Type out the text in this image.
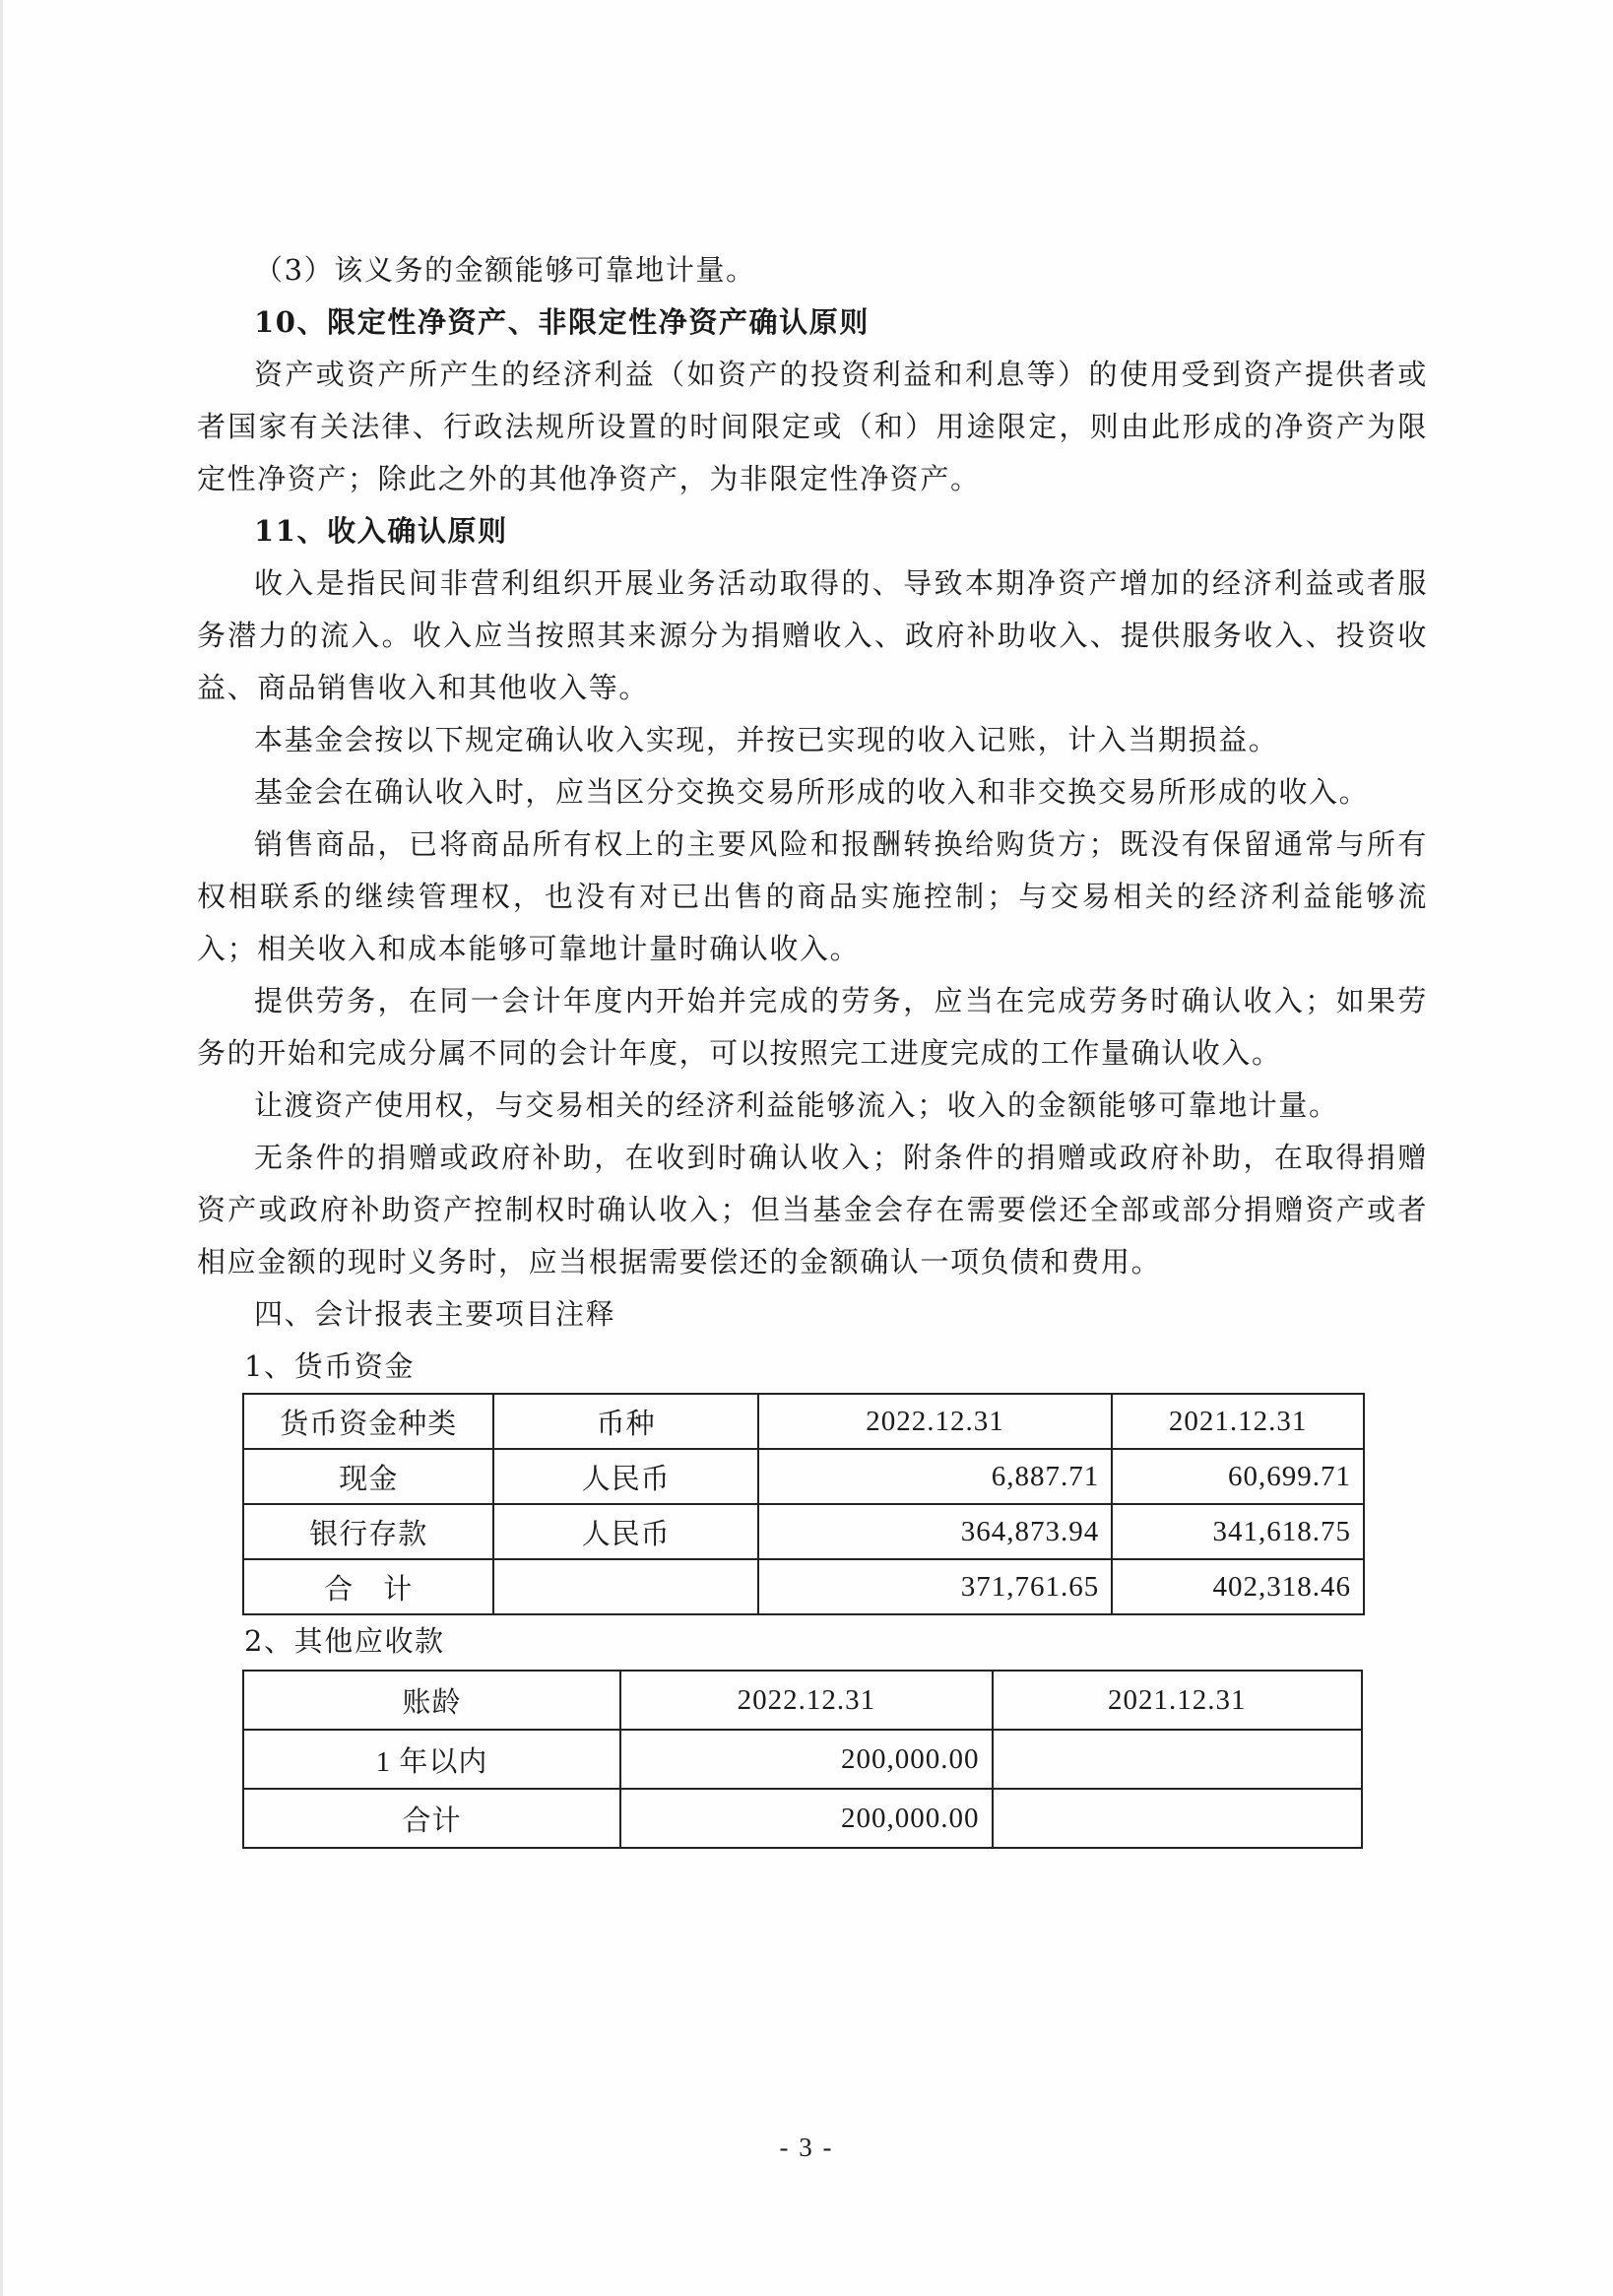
（3）该义务的金额能够可靠地计量。

10、限定性净资产、非限定性净资产确认原则

资产或资产所产生的经济利益（如资产的投资利益和利息等）的使用受到资产提供者或者国家有关法律、行政法规所设置的时间限定或（和）用途限定，则由此形成的净资产为限定性净资产；除此之外的其他净资产，为非限定性净资产。

11、收入确认原则

收入是指民间非营利组织开展业务活动取得的、导致本期净资产增加的经济利益或者服务潜力的流入。收入应当按照其来源分为捐赠收入、政府补助收入、提供服务收入、投资收益、商品销售收入和其他收入等。

本基金会按以下规定确认收入实现，并按已实现的收入记账，计入当期损益。

基金会在确认收入时，应当区分交换交易所形成的收入和非交换交易所形成的收入。

销售商品，已将商品所有权上的主要风险和报酬转换给购货方；既没有保留通常与所有权相联系的继续管理权，也没有对已出售的商品实施控制；与交易相关的经济利益能够流入；相关收入和成本能够可靠地计量时确认收入。

提供劳务，在同一会计年度内开始并完成的劳务，应当在完成劳务时确认收入；如果劳务的开始和完成分属不同的会计年度，可以按照完工进度完成的工作量确认收入。

让渡资产使用权，与交易相关的经济利益能够流入；收入的金额能够可靠地计量。

无条件的捐赠或政府补助，在收到时确认收入；附条件的捐赠或政府补助，在取得捐赠资产或政府补助资产控制权时确认收入；但当基金会存在需要偿还全部或部分捐赠资产或者相应金额的现时义务时，应当根据需要偿还的金额确认一项负债和费用。

四、会计报表主要项目注释

1、货币资金

货币资金种类	币种	2022.12.31	2021.12.31
现金	人民币	6,887.71	60,699.71
银行存款	人民币	364,873.94	341,618.75
合　计		371,761.65	402,318.46

2、其他应收款

账龄	2022.12.31	2021.12.31
1 年以内	200,000.00	
合计	200,000.00	
- 3 -
